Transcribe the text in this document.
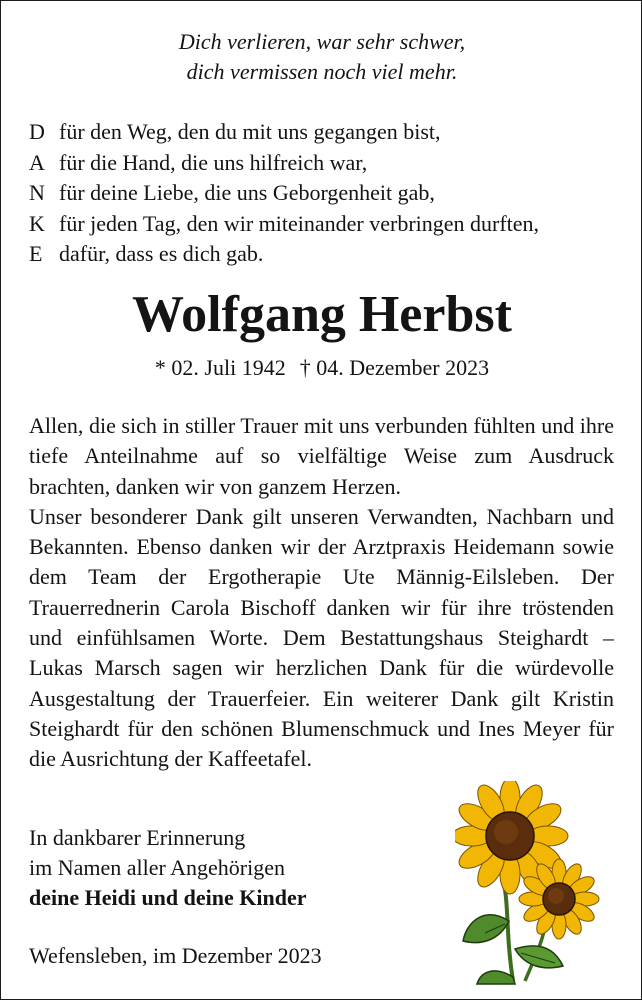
Dich verlieren, war sehr schwer,
dich vermissen noch viel mehr.
D für den Weg, den du mit uns gegangen bist,
A für die Hand, die uns hilfreich war,
N für deine Liebe, die uns Geborgenheit gab,
K für jeden Tag, den wir miteinander verbringen durften,
E dafür, dass es dich gab.
Wolfgang Herbst
* 02. Juli 1942 † 04. Dezember 2023

Allen, die sich in stiller Trauer mit uns verbunden fühlten und ihre tiefe Anteilnahme auf so vielfältige Weise zum Ausdruck brachten, danken wir von ganzem Herzen.

Unser besonderer Dank gilt unseren Verwandten, Nachbarn und Bekannten. Ebenso danken wir der Arztpraxis Heidemann sowie dem Team der Ergotherapie Ute Männig-Eilsleben. Der Trauerrednerin Carola Bischoff danken wir für ihre tröstenden und einfühlsamen Worte. Dem Bestattungshaus Steighardt – Lukas Marsch sagen wir herzlichen Dank für die würdevolle Ausgestaltung der Trauerfeier. Ein weiterer Dank gilt Kristin Steighardt für den schönen Blumenschmuck und Ines Meyer für die Ausrichtung der Kaffeetafel.

In dankbarer Erinnerung
im Namen aller Angehörigen
deine Heidi und deine Kinder
Wefensleben, im Dezember 2023
